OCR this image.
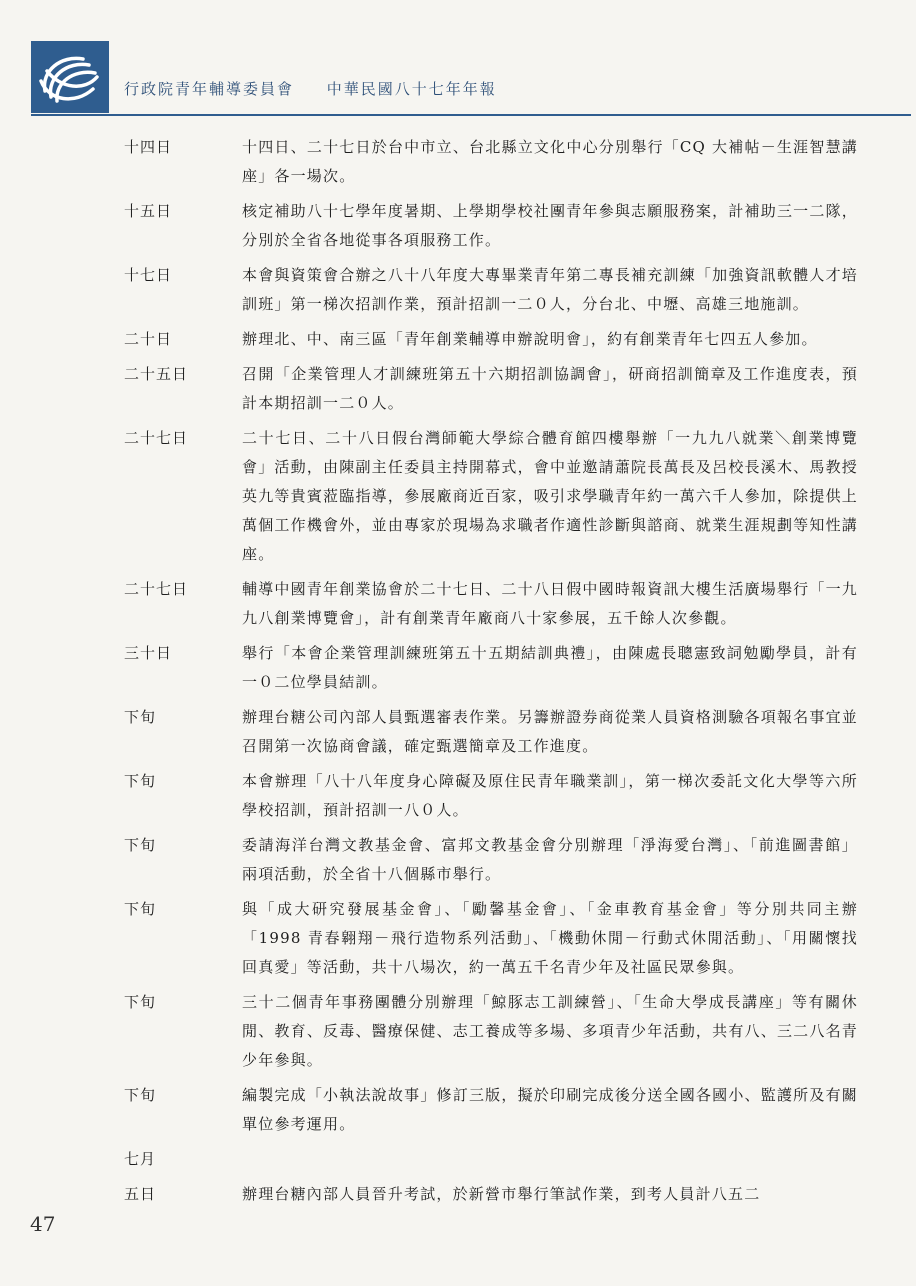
行政院青年輔導委員會 中華民國八十七年年報
十四日	十四日、二十七日於台中市立、台北縣立文化中心分別舉行「CQ 大補帖－生涯智慧講座」各一場次。
十五日	核定補助八十七學年度暑期、上學期學校社團青年參與志願服務案，計補助三一二隊，分別於全省各地從事各項服務工作。
十七日	本會與資策會合辦之八十八年度大專畢業青年第二專長補充訓練「加強資訊軟體人才培訓班」第一梯次招訓作業，預計招訓一二０人，分台北、中壢、高雄三地施訓。
二十日	辦理北、中、南三區「青年創業輔導申辦說明會」，約有創業青年七四五人參加。
二十五日	召開「企業管理人才訓練班第五十六期招訓協調會」，研商招訓簡章及工作進度表，預計本期招訓一二０人。
二十七日	二十七日、二十八日假台灣師範大學綜合體育館四樓舉辦「一九九八就業＼創業博覽會」活動，由陳副主任委員主持開幕式，會中並邀請蕭院長萬長及呂校長溪木、馬教授英九等貴賓蒞臨指導，參展廠商近百家，吸引求學職青年約一萬六千人參加，除提供上萬個工作機會外，並由專家於現場為求職者作適性診斷與諮商、就業生涯規劃等知性講座。
二十七日	輔導中國青年創業協會於二十七日、二十八日假中國時報資訊大樓生活廣場舉行「一九九八創業博覽會」，計有創業青年廠商八十家參展，五千餘人次參觀。
三十日	舉行「本會企業管理訓練班第五十五期結訓典禮」，由陳處長聰憲致詞勉勵學員，計有一０二位學員結訓。
下旬	辦理台糖公司內部人員甄選審表作業。另籌辦證券商從業人員資格測驗各項報名事宜並召開第一次協商會議，確定甄選簡章及工作進度。
下旬	本會辦理「八十八年度身心障礙及原住民青年職業訓」，第一梯次委託文化大學等六所學校招訓，預計招訓一八０人。
下旬	委請海洋台灣文教基金會、富邦文教基金會分別辦理「淨海愛台灣」、「前進圖書館」兩項活動，於全省十八個縣市舉行。
下旬	與「成大研究發展基金會」、「勵馨基金會」、「金車教育基金會」等分別共同主辦「1998 青春翱翔－飛行造物系列活動」、「機動休閒－行動式休閒活動」、「用關懷找回真愛」等活動，共十八場次，約一萬五千名青少年及社區民眾參與。
下旬	三十二個青年事務團體分別辦理「鯨豚志工訓練營」、「生命大學成長講座」等有關休閒、教育、反毒、醫療保健、志工養成等多場、多項青少年活動，共有八、三二八名青少年參與。
下旬	編製完成「小執法說故事」修訂三版，擬於印刷完成後分送全國各國小、監護所及有關單位參考運用。
七月
五日	辦理台糖內部人員晉升考試，於新營市舉行筆試作業，到考人員計八五二
47
